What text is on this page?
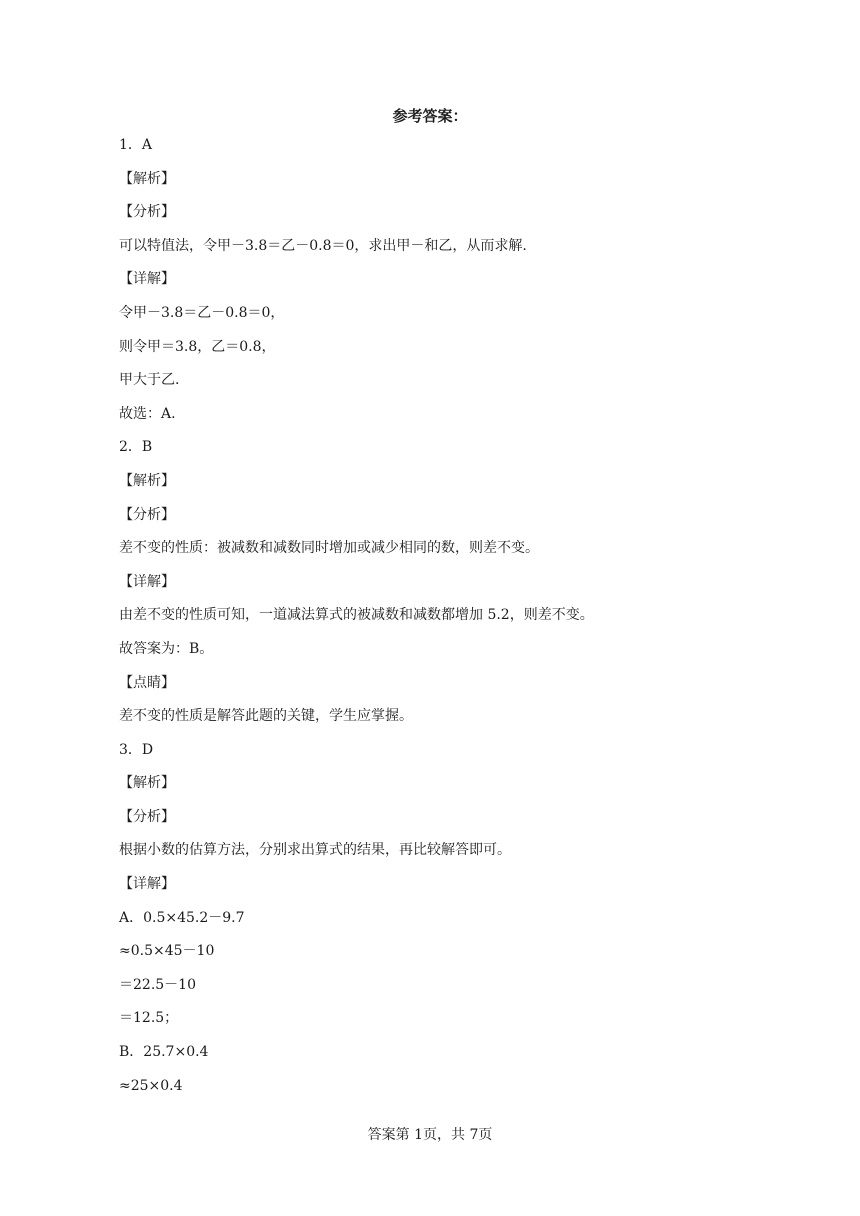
参考答案：
1．A
【解析】
【分析】
可以特值法，令甲－3.8＝乙－0.8＝0，求出甲－和乙，从而求解.
【详解】
令甲－3.8＝乙－0.8＝0，
则令甲＝3.8，乙＝0.8，
甲大于乙.
故选：A.
2．B
【解析】
【分析】
差不变的性质：被减数和减数同时增加或减少相同的数，则差不变。
【详解】
由差不变的性质可知，一道减法算式的被减数和减数都增加 5.2，则差不变。
故答案为：B。
【点睛】
差不变的性质是解答此题的关键，学生应掌握。
3．D
【解析】
【分析】
根据小数的估算方法，分别求出算式的结果，再比较解答即可。
【详解】
A．0.5×45.2－9.7
≈0.5×45－10
＝22.5－10
＝12.5；
B．25.7×0.4
≈25×0.4
答案第 1页，共 7页
